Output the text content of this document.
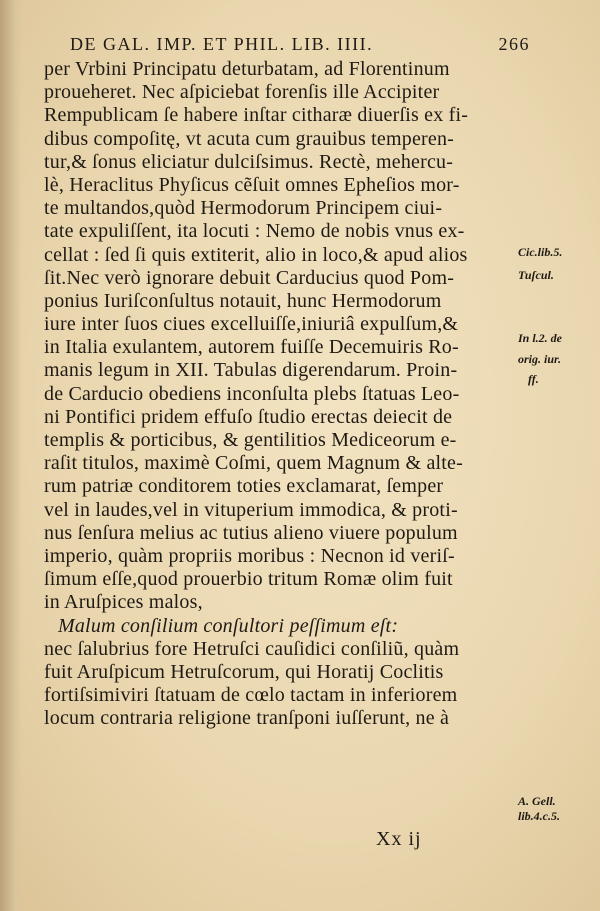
DE GAL. IMP. ET PHIL. LIB. IIII.	266
per Vrbini Principatu deturbatam, ad Florentinum
proueheret. Nec aſpiciebat forenſis ille Accipiter
Rempublicam ſe habere inſtar citharæ diuerſis ex fi-
dibus compoſitę, vt acuta cum grauibus temperen-
tur,& ſonus eliciatur dulciſsimus. Rectè, mehercu-
lè, Heraclitus Phyſicus cẽſuit omnes Epheſios mor-
te multandos,quòd Hermodorum Principem ciui-
tate expuliſſent, ita locuti : Nemo de nobis vnus ex-
cellat : ſed ſi quis extiterit, alio in loco,& apud alios
ſit.Nec verò ignorare debuit Carducius quod Pom-
ponius Iuriſconſultus notauit, hunc Hermodorum
iure inter ſuos ciues excelluiſſe,iniuriâ expulſum,&
in Italia exulantem, autorem fuiſſe Decemuiris Ro-
manis legum in XII. Tabulas digerendarum. Proin-
de Carducio obediens inconſulta plebs ſtatuas Leo-
ni Pontifici pridem effuſo ſtudio erectas deiecit de
templis & porticibus, & gentilitios Mediceorum e-
raſit titulos, maximè Coſmi, quem Magnum & alte-
rum patriæ conditorem toties exclamarat, ſemper
vel in laudes,vel in vituperium immodica, & proti-
nus ſenſura melius ac tutius alieno viuere populum
imperio, quàm propriis moribus : Necnon id veriſ-
ſimum eſſe,quod prouerbio tritum Romæ olim fuit
in Aruſpices malos,
Malum conſilium conſultori peſſimum eſt:
nec ſalubrius fore Hetruſci cauſidici conſiliũ, quàm
fuit Aruſpicum Hetruſcorum, qui Horatij Coclitis
fortiſsimiviri ſtatuam de cœlo tactam in inferiorem
locum contraria religione tranſponi iuſſerunt, ne à
Cic.lib.5.
Tuſcul.
In l.2. de
orig. iur.
ff.
A. Gell.
lib.4.c.5.
Xx ij
